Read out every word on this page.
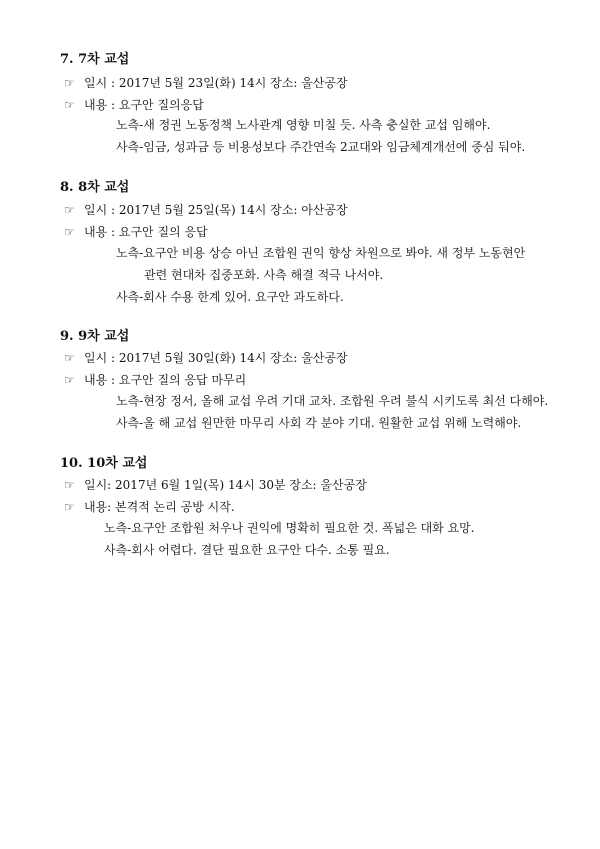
7. 7차 교섭
☞ 일시 : 2017년 5월 23일(화) 14시 장소: 울산공장
☞ 내용 : 요구안 질의응답
노측-새 정권 노동정책 노사관계 영향 미칠 듯. 사측 충실한 교섭 임해야.
사측-임금, 성과금 등 비용성보다 주간연속 2교대와 임금체계개선에 중심 둬야.
8. 8차 교섭
☞ 일시 : 2017년 5월 25일(목) 14시 장소: 아산공장
☞ 내용 : 요구안 질의 응답
노측-요구안 비용 상승 아닌 조합원 권익 향상 차원으로 봐야. 새 정부 노동현안
관련 현대차 집중포화. 사측 해결 적극 나서야.
사측-회사 수용 한계 있어. 요구안 과도하다.
9. 9차 교섭
☞ 일시 : 2017년 5월 30일(화) 14시 장소: 울산공장
☞ 내용 : 요구안 질의 응답 마무리
노측-현장 정서, 올해 교섭 우려 기대 교차. 조합원 우려 불식 시키도록 최선 다해야.
사측-올 해 교섭 원만한 마무리 사회 각 분야 기대. 원활한 교섭 위해 노력해야.
10. 10차 교섭
☞ 일시: 2017년 6월 1일(목) 14시 30분 장소: 울산공장
☞ 내용: 본격적 논리 공방 시작.
노측-요구안 조합원 처우나 권익에 명확히 필요한 것. 폭넓은 대화 요망.
사측-회사 어렵다. 결단 필요한 요구안 다수. 소통 필요.
